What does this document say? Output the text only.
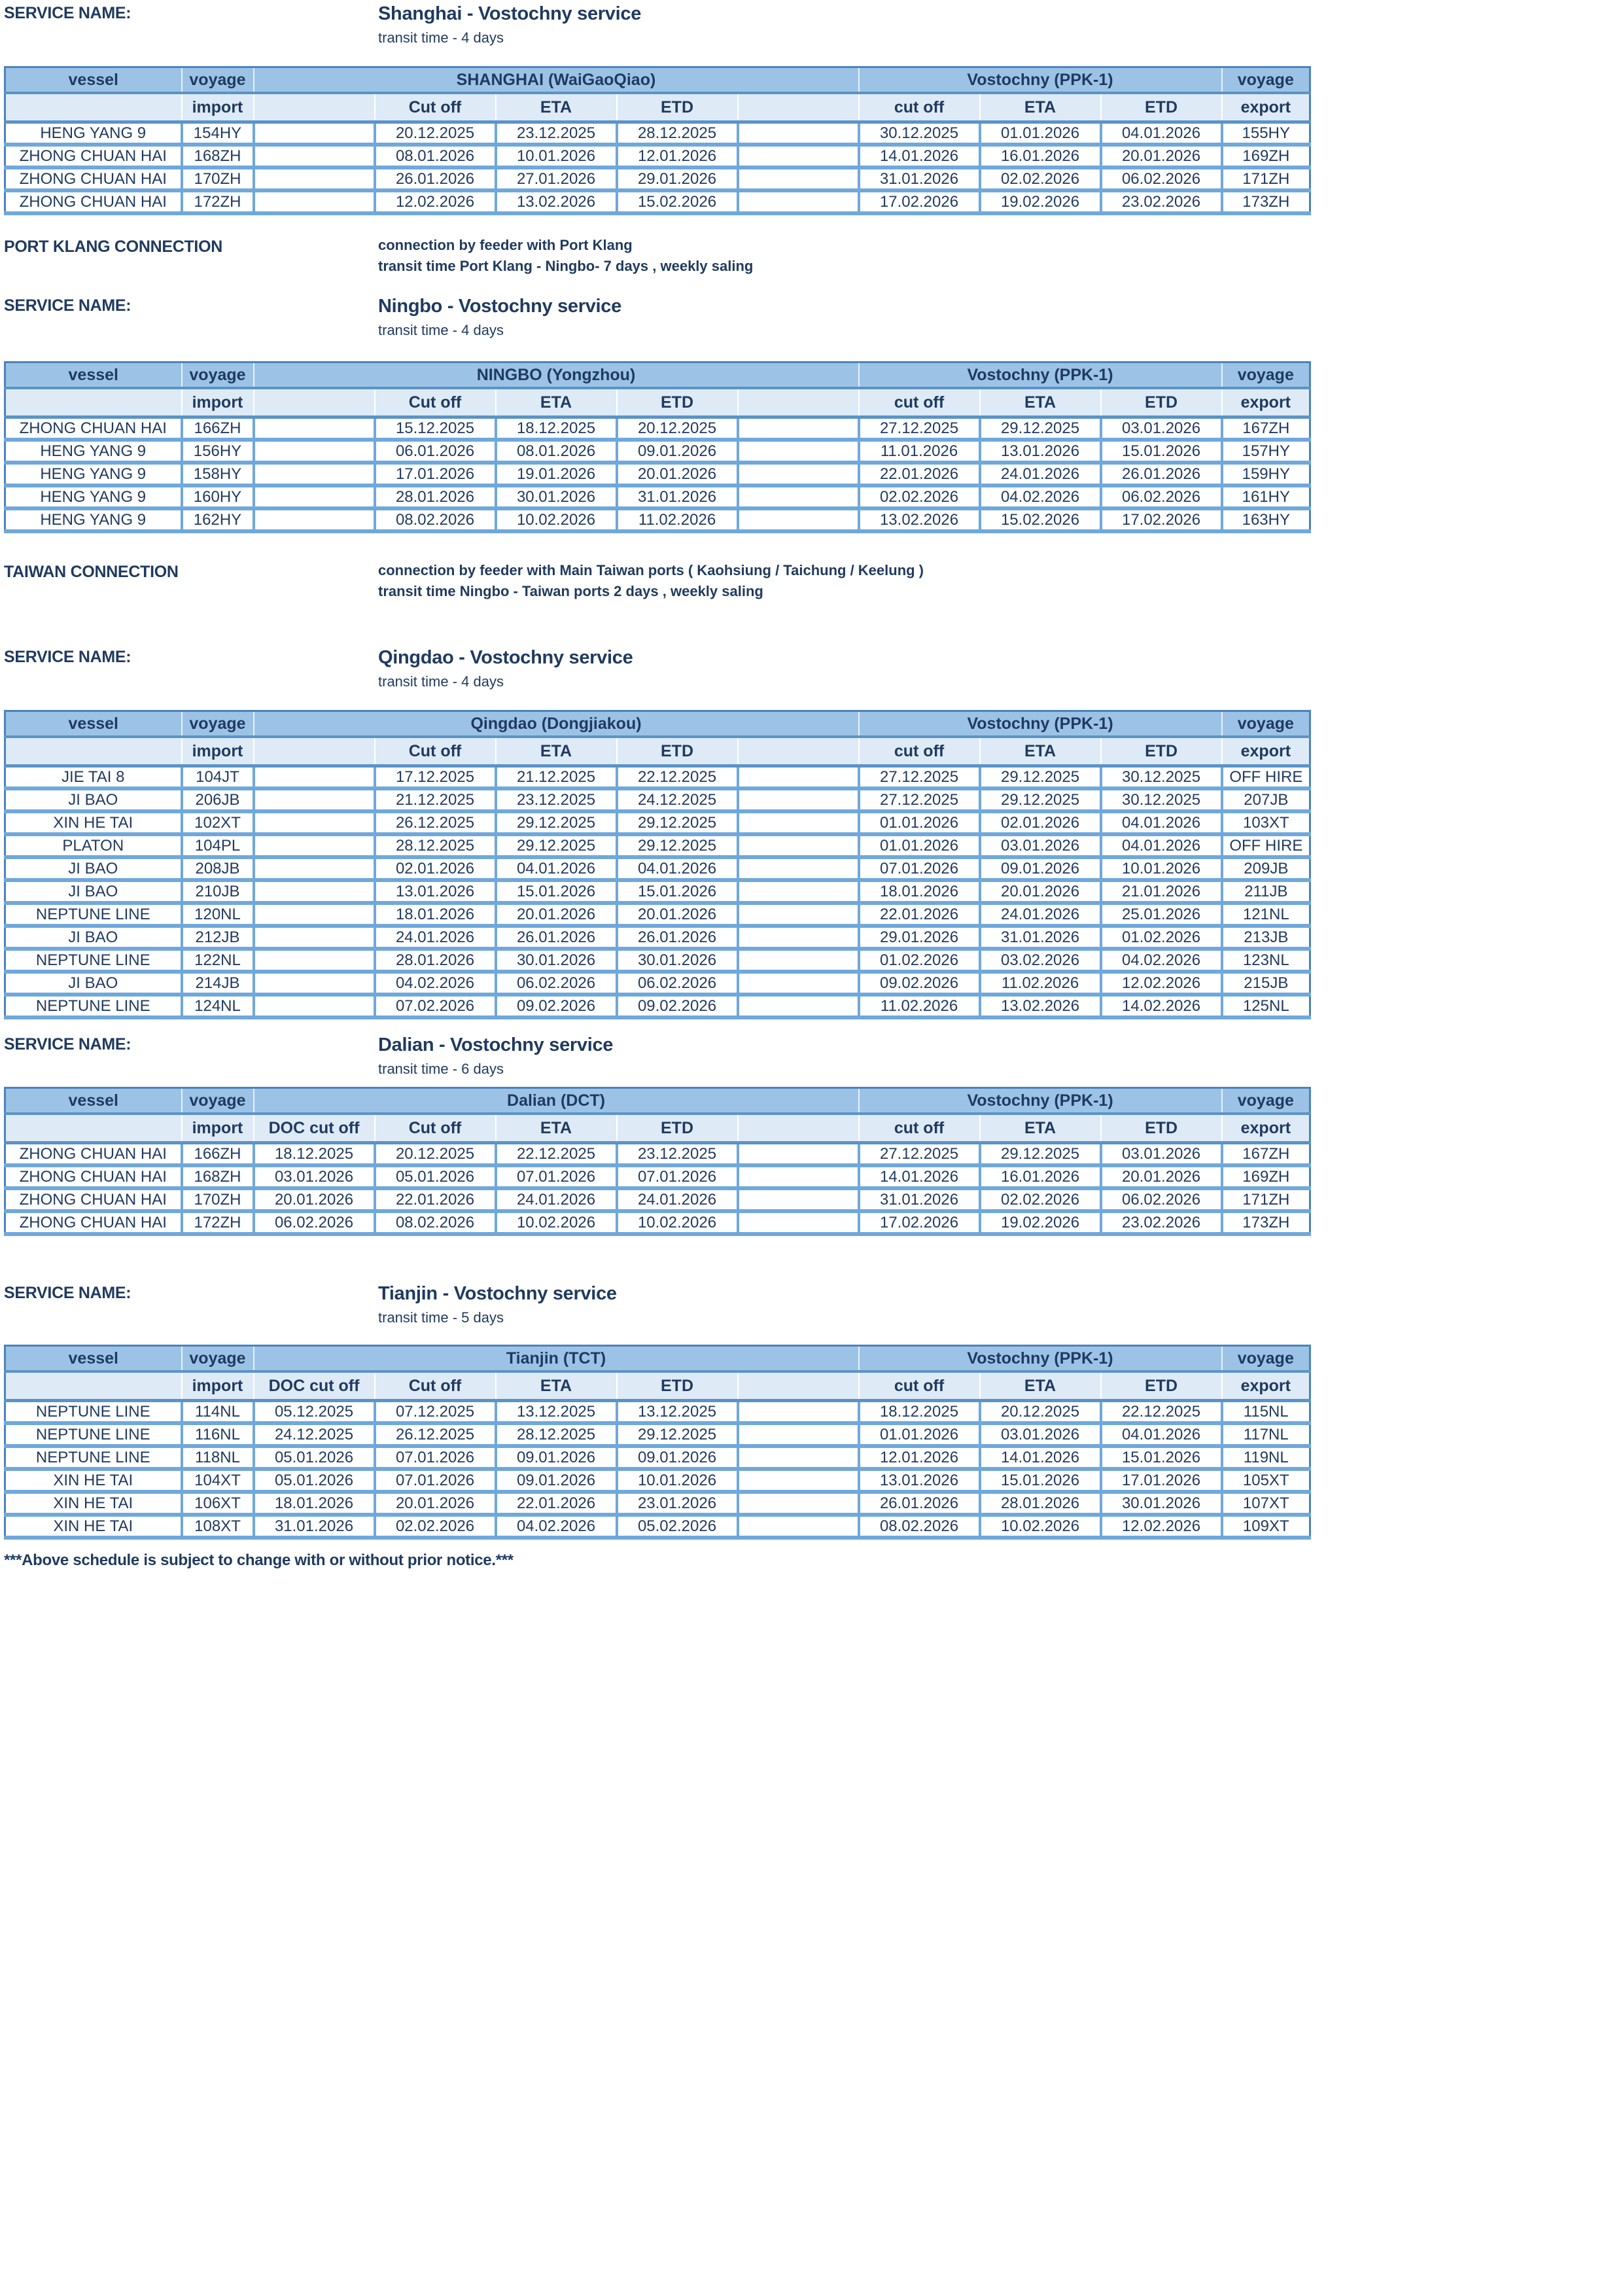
SERVICE NAME:	Shanghai - Vostochny service
transit time - 4 days
vessel	voyage	SHANGHAI (WaiGaoQiao)					Vostochny (PPK-1)			voyage
	import		Cut off	ETA	ETD		cut off	ETA	ETD	export
HENG YANG 9	154HY		20.12.2025	23.12.2025	28.12.2025		30.12.2025	01.01.2026	04.01.2026	155HY
ZHONG CHUAN HAI	168ZH		08.01.2026	10.01.2026	12.01.2026		14.01.2026	16.01.2026	20.01.2026	169ZH
ZHONG CHUAN HAI	170ZH		26.01.2026	27.01.2026	29.01.2026		31.01.2026	02.02.2026	06.02.2026	171ZH
ZHONG CHUAN HAI	172ZH		12.02.2026	13.02.2026	15.02.2026		17.02.2026	19.02.2026	23.02.2026	173ZH
PORT KLANG CONNECTION	connection by feeder with Port Klang
transit time Port Klang - Ningbo- 7 days , weekly saling
SERVICE NAME:	Ningbo - Vostochny service
transit time - 4 days
vessel	voyage	NINGBO (Yongzhou)					Vostochny (PPK-1)			voyage
	import		Cut off	ETA	ETD		cut off	ETA	ETD	export
ZHONG CHUAN HAI	166ZH		15.12.2025	18.12.2025	20.12.2025		27.12.2025	29.12.2025	03.01.2026	167ZH
HENG YANG 9	156HY		06.01.2026	08.01.2026	09.01.2026		11.01.2026	13.01.2026	15.01.2026	157HY
HENG YANG 9	158HY		17.01.2026	19.01.2026	20.01.2026		22.01.2026	24.01.2026	26.01.2026	159HY
HENG YANG 9	160HY		28.01.2026	30.01.2026	31.01.2026		02.02.2026	04.02.2026	06.02.2026	161HY
HENG YANG 9	162HY		08.02.2026	10.02.2026	11.02.2026		13.02.2026	15.02.2026	17.02.2026	163HY
TAIWAN CONNECTION	connection by feeder with Main Taiwan ports ( Kaohsiung / Taichung / Keelung )
transit time Ningbo - Taiwan ports 2 days , weekly saling
SERVICE NAME:	Qingdao - Vostochny service
transit time - 4 days
vessel	voyage	Qingdao (Dongjiakou)					Vostochny (PPK-1)			voyage
	import		Cut off	ETA	ETD		cut off	ETA	ETD	export
JIE TAI 8	104JT		17.12.2025	21.12.2025	22.12.2025		27.12.2025	29.12.2025	30.12.2025	OFF HIRE
JI BAO	206JB		21.12.2025	23.12.2025	24.12.2025		27.12.2025	29.12.2025	30.12.2025	207JB
XIN HE TAI	102XT		26.12.2025	29.12.2025	29.12.2025		01.01.2026	02.01.2026	04.01.2026	103XT
PLATON	104PL		28.12.2025	29.12.2025	29.12.2025		01.01.2026	03.01.2026	04.01.2026	OFF HIRE
JI BAO	208JB		02.01.2026	04.01.2026	04.01.2026		07.01.2026	09.01.2026	10.01.2026	209JB
JI BAO	210JB		13.01.2026	15.01.2026	15.01.2026		18.01.2026	20.01.2026	21.01.2026	211JB
NEPTUNE LINE	120NL		18.01.2026	20.01.2026	20.01.2026		22.01.2026	24.01.2026	25.01.2026	121NL
JI BAO	212JB		24.01.2026	26.01.2026	26.01.2026		29.01.2026	31.01.2026	01.02.2026	213JB
NEPTUNE LINE	122NL		28.01.2026	30.01.2026	30.01.2026		01.02.2026	03.02.2026	04.02.2026	123NL
JI BAO	214JB		04.02.2026	06.02.2026	06.02.2026		09.02.2026	11.02.2026	12.02.2026	215JB
NEPTUNE LINE	124NL		07.02.2026	09.02.2026	09.02.2026		11.02.2026	13.02.2026	14.02.2026	125NL
SERVICE NAME:	Dalian - Vostochny service
transit time - 6 days
vessel	voyage	Dalian (DCT)					Vostochny (PPK-1)			voyage
	import	DOC cut off	Cut off	ETA	ETD		cut off	ETA	ETD	export
ZHONG CHUAN HAI	166ZH	18.12.2025	20.12.2025	22.12.2025	23.12.2025		27.12.2025	29.12.2025	03.01.2026	167ZH
ZHONG CHUAN HAI	168ZH	03.01.2026	05.01.2026	07.01.2026	07.01.2026		14.01.2026	16.01.2026	20.01.2026	169ZH
ZHONG CHUAN HAI	170ZH	20.01.2026	22.01.2026	24.01.2026	24.01.2026		31.01.2026	02.02.2026	06.02.2026	171ZH
ZHONG CHUAN HAI	172ZH	06.02.2026	08.02.2026	10.02.2026	10.02.2026		17.02.2026	19.02.2026	23.02.2026	173ZH
SERVICE NAME:	Tianjin - Vostochny service
transit time - 5 days
vessel	voyage	Tianjin (TCT)					Vostochny (PPK-1)			voyage
	import	DOC cut off	Cut off	ETA	ETD		cut off	ETA	ETD	export
NEPTUNE LINE	114NL	05.12.2025	07.12.2025	13.12.2025	13.12.2025		18.12.2025	20.12.2025	22.12.2025	115NL
NEPTUNE LINE	116NL	24.12.2025	26.12.2025	28.12.2025	29.12.2025		01.01.2026	03.01.2026	04.01.2026	117NL
NEPTUNE LINE	118NL	05.01.2026	07.01.2026	09.01.2026	09.01.2026		12.01.2026	14.01.2026	15.01.2026	119NL
XIN HE TAI	104XT	05.01.2026	07.01.2026	09.01.2026	10.01.2026		13.01.2026	15.01.2026	17.01.2026	105XT
XIN HE TAI	106XT	18.01.2026	20.01.2026	22.01.2026	23.01.2026		26.01.2026	28.01.2026	30.01.2026	107XT
XIN HE TAI	108XT	31.01.2026	02.02.2026	04.02.2026	05.02.2026		08.02.2026	10.02.2026	12.02.2026	109XT
***Above schedule is subject to change with or without prior notice.***
